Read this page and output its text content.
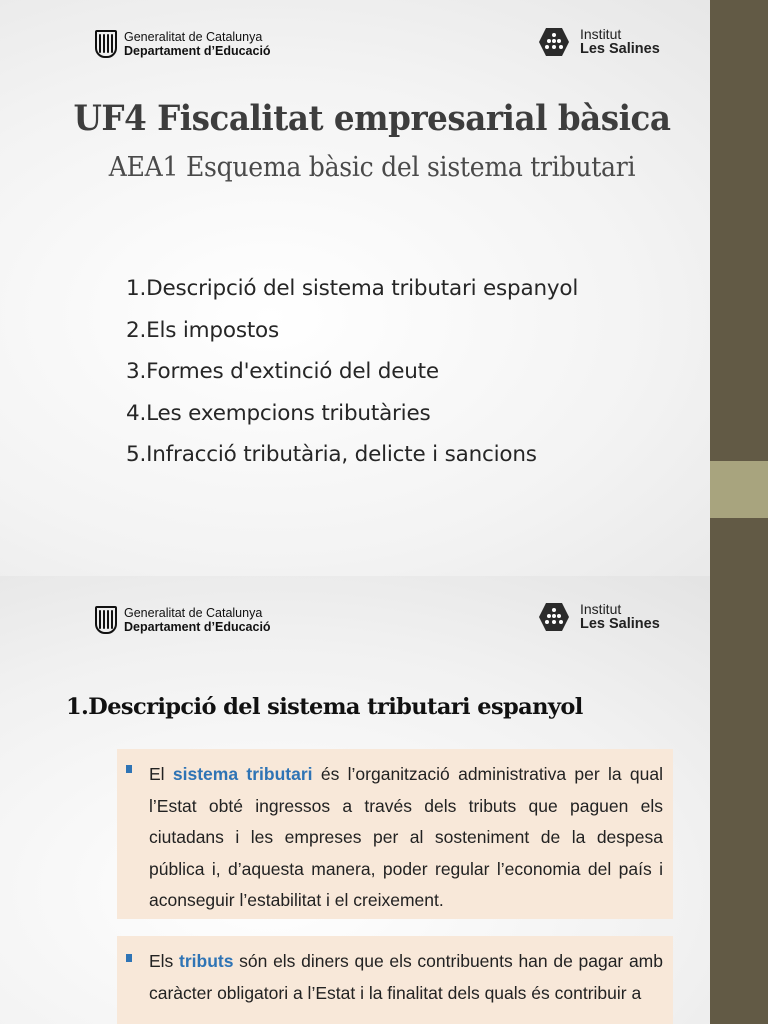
Generalitat de Catalunya
Departament d’Educació
Institut
Les Salines
UF4 Fiscalitat empresarial bàsica
AEA1 Esquema bàsic del sistema tributari
1.Descripció del sistema tributari espanyol
2.Els impostos
3.Formes d'extinció del deute
4.Les exempcions tributàries
5.Infracció tributària, delicte i sancions
Generalitat de Catalunya
Departament d’Educació
Institut
Les Salines
1.Descripció del sistema tributari espanyol

El sistema tributari és l’organització administrativa per la qual l’Estat obté ingressos a través dels tributs que paguen els ciutadans i les empreses per al sosteniment de la despesa pública i, d’aquesta manera, poder regular l’economia del país i aconseguir l’estabilitat i el creixement.

Els tributs són els diners que els contribuents han de pagar amb caràcter obligatori a l’Estat i la finalitat dels quals és contribuir a
